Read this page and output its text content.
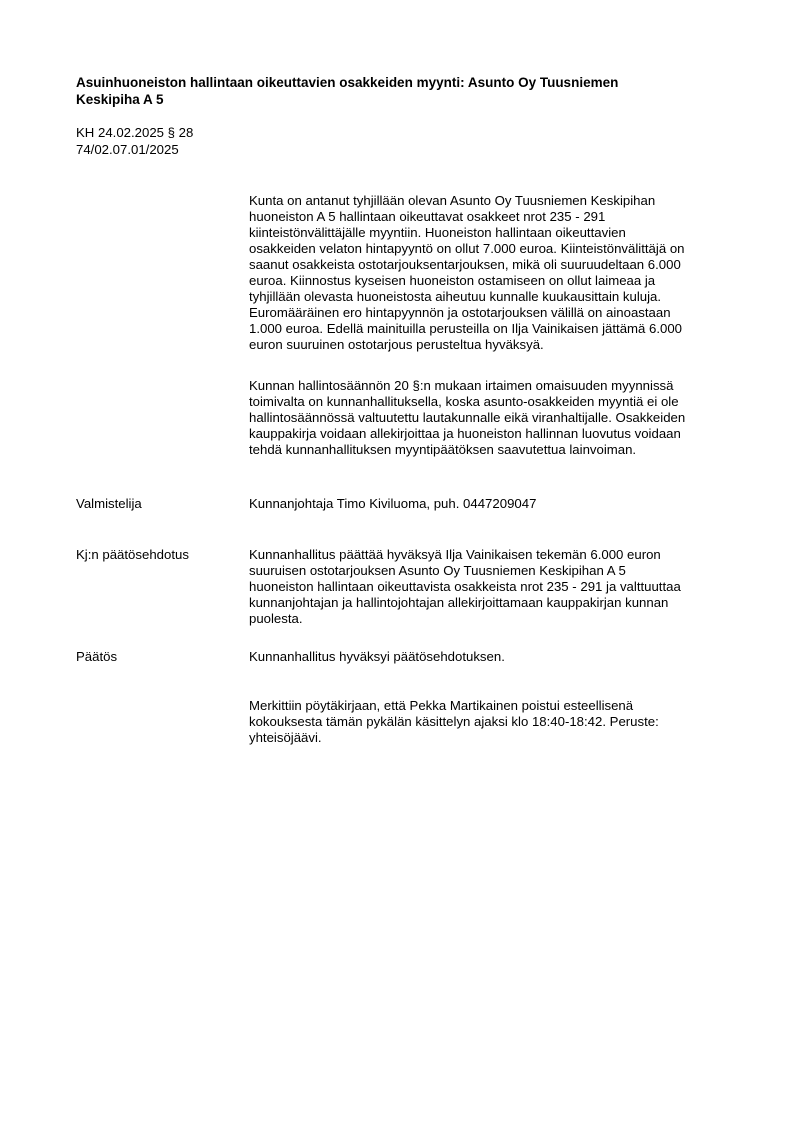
Asuinhuoneiston hallintaan oikeuttavien osakkeiden myynti: Asunto Oy Tuusniemen
Keskipiha A 5

KH 24.02.2025 § 28

74/02.07.01/2025

Kunta on antanut tyhjillään olevan Asunto Oy Tuusniemen Keskipihan
huoneiston A 5 hallintaan oikeuttavat osakkeet nrot 235 - 291
kiinteistönvälittäjälle myyntiin. Huoneiston hallintaan oikeuttavien
osakkeiden velaton hintapyyntö on ollut 7.000 euroa. Kiinteistönvälittäjä on
saanut osakkeista ostotarjouksentarjouksen, mikä oli suuruudeltaan 6.000
euroa. Kiinnostus kyseisen huoneiston ostamiseen on ollut laimeaa ja
tyhjillään olevasta huoneistosta aiheutuu kunnalle kuukausittain kuluja.
Euromääräinen ero hintapyynnön ja ostotarjouksen välillä on ainoastaan
1.000 euroa. Edellä mainituilla perusteilla on Ilja Vainikaisen jättämä 6.000
euron suuruinen ostotarjous perusteltua hyväksyä.

Kunnan hallintosäännön 20 §:n mukaan irtaimen omaisuuden myynnissä
toimivalta on kunnanhallituksella, koska asunto-osakkeiden myyntiä ei ole
hallintosäännössä valtuutettu lautakunnalle eikä viranhaltijalle. Osakkeiden
kauppakirja voidaan allekirjoittaa ja huoneiston hallinnan luovutus voidaan
tehdä kunnanhallituksen myyntipäätöksen saavutettua lainvoiman.

Valmistelija	Kunnanjohtaja Timo Kiviluoma, puh. 0447209047

Kj:n päätösehdotus	Kunnanhallitus päättää hyväksyä Ilja Vainikaisen tekemän 6.000 euron
suuruisen ostotarjouksen Asunto Oy Tuusniemen Keskipihan A 5
huoneiston hallintaan oikeuttavista osakkeista nrot 235 - 291 ja valttuuttaa
kunnanjohtajan ja hallintojohtajan allekirjoittamaan kauppakirjan kunnan
puolesta.

Päätös	Kunnanhallitus hyväksyi päätösehdotuksen.

Merkittiin pöytäkirjaan, että Pekka Martikainen poistui esteellisenä
kokouksesta tämän pykälän käsittelyn ajaksi klo 18:40-18:42. Peruste:
yhteisöjäävi.
